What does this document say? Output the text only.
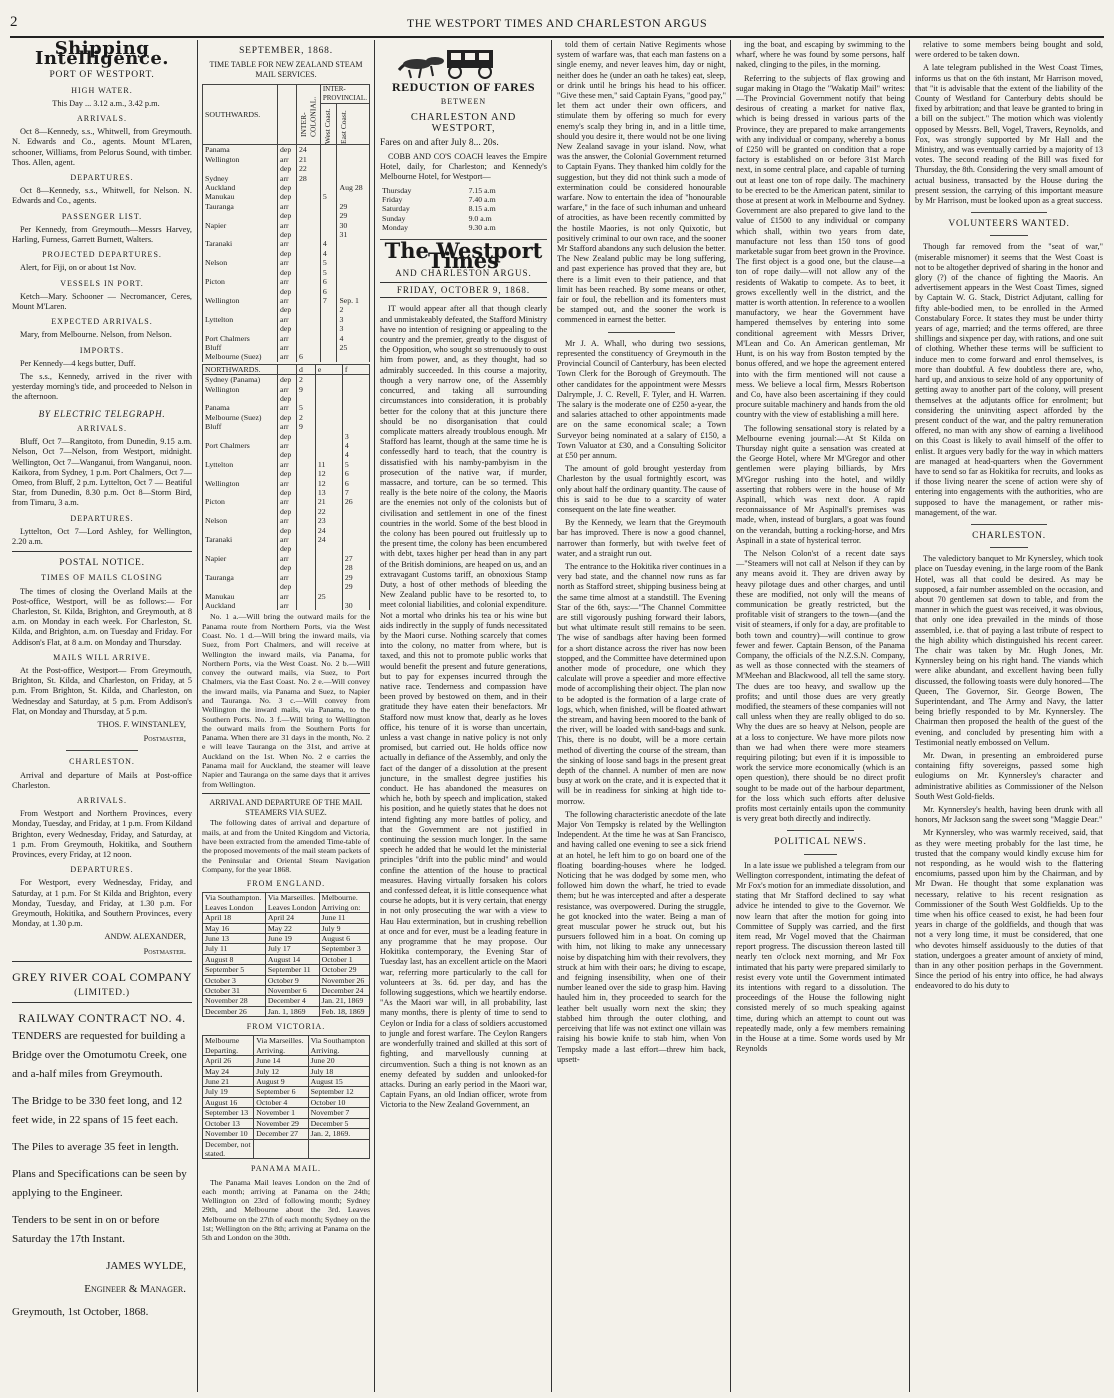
2	THE WESTPORT TIMES AND CHARLESTON ARGUS
Shipping Intelligence.
PORT OF WESTPORT.
HIGH WATER.

This Day ... 3.12 a.m., 3.42 p.m.

ARRIVALS.

Oct 8—Kennedy, s.s., Whitwell, from Greymouth. N. Edwards and Co., agents. Mount M'Laren, schooner, Williams, from Pelorus Sound, with timber. Thos. Allen, agent.

DEPARTURES.

Oct 8—Kennedy, s.s., Whitwell, for Nelson. N. Edwards and Co., agents.

PASSENGER LIST.

Per Kennedy, from Greymouth—Messrs Harvey, Harling, Furness, Garrett Burnett, Walters.

PROJECTED DEPARTURES.

Alert, for Fiji, on or about 1st Nov.

VESSELS IN PORT.

Ketch—Mary. Schooner — Necromancer, Ceres, Mount M'Laren.

EXPECTED ARRIVALS.

Mary, from Melbourne. Nelson, from Nelson.

IMPORTS.

Per Kennedy—4 kegs butter, Duff.

The s.s., Kennedy, arrived in the river with yesterday morning's tide, and proceeded to Nelson in the afternoon.

BY ELECTRIC TELEGRAPH.
ARRIVALS.

Bluff, Oct 7—Rangitoto, from Dunedin, 9.15 a.m. Nelson, Oct 7—Nelson, from Westport, midnight. Wellington, Oct 7—Wanganui, from Wanganui, noon. Kaikora, from Sydney, 1 p.m. Port Chalmers, Oct 7—Omeo, from Bluff, 2 p.m. Lyttelton, Oct 7 — Beatiful Star, from Dunedin, 8.30 p.m. Oct 8—Storm Bird, from Timaru, 3 a.m.

DEPARTURES.

Lyttelton, Oct 7—Lord Ashley, for Wellington, 2.20 a.m.

POSTAL NOTICE.
TIMES OF MAILS CLOSING

The times of closing the Overland Mails at the Post-office, Westport, will be as follows:— For Charleston, St. Kilda, Brighton, and Greymouth, at 8 a.m. on Monday in each week. For Charleston, St. Kilda, and Brighton, a.m. on Tuesday and Friday. For Addison's Flat, at 8 a.m. on Monday and Thursday.

MAILS WILL ARRIVE.

At the Post-office, Westport— From Greymouth, Brighton, St. Kilda, and Charleston, on Friday, at 5 p.m. From Brighton, St. Kilda, and Charleston, on Wednesday and Saturday, at 5 p.m. From Addison's Flat, on Monday and Thursday, at 5 p.m.

THOS. F. WINSTANLEY,
Postmaster,
CHARLESTON.

Arrival and departure of Mails at Post-office Charleston.

ARRIVALS.

From Westport and Northern Provinces, every Monday, Tuesday, and Friday, at 1 p.m. From Kildand Brighton, every Wednesday, Friday, and Saturday, at 1 p.m. From Greymouth, Hokitika, and Southern Provinces, every Friday, at 12 noon.

DEPARTURES.

For Westport, every Wednesday, Friday, and Saturday, at 1 p.m. For St Kilda and Brighton, every Monday, Tuesday, and Friday, at 1.30 p.m. For Greymouth, Hokitika, and Southern Provinces, every Monday, at 1.30 p.m.

ANDW. ALEXANDER,
Postmaster.
GREY RIVER COAL COMPANY
(LIMITED.)
RAILWAY CONTRACT NO. 4.

TENDERS are requested for building a Bridge over the Omotumotu Creek, one and a-half miles from Greymouth.

The Bridge to be 330 feet long, and 12 feet wide, in 22 spans of 15 feet each.

The Piles to average 35 feet in length.

Plans and Specifications can be seen by applying to the Engineer.

Tenders to be sent in on or before Saturday the 17th Instant.

JAMES WYLDE,
Engineer & Manager.

Greymouth, 1st October, 1868.

SEPTEMBER, 1868.
TIME TABLE FOR NEW ZEALAND STEAM MAIL SERVICES.
SOUTHWARDS.		INTER-COLONIAL.	INTER-PROVINCIAL.	

			West Coast.	East Coast.

Panama	dep	24		
Wellington	arr	21		
	dep	22		
Sydney	arr	28		
Auckland	dep			Aug 28
Manukau	dep		5	

Tauranga	arr			29
	dep			29
Napier	arr			30
	dep			31
Taranaki	arr		4	
	dep		4	
Nelson	arr		5	
	dep		5	
Picton	arr		6	
	dep		6	
Wellington	arr		7	Sep. 1
	dep			2
Lyttelton	arr			3
	dep			3
Port Chalmers	arr			4
Bluff	arr			25

Melbourne (Suez)	arr	6		
NORTHWARDS.		d	e	f
Sydney (Panama)	dep	2		
Wellington	arr	9		
	dep			
Panama	arr	5		
Melbourne (Suez)	dep	2		
Bluff	arr	9		
	dep			3
Port Chalmers	arr			4
	dep			4
Lyttelton	arr		11	5
	dep		12	6
Wellington	arr		12	6
	dep		13	7
Picton	arr		21	26
	dep		22	
Nelson	arr		23	
	dep		24	
Taranaki	arr		24	
	dep			
Napier	arr			27
	dep			28
Tauranga	arr			29
	dep			29
Manukau	arr		25	
Auckland	arr			30

No. 1 a.—Will bring the outward mails for the Panama route from Northern Ports, via the West Coast. No. 1 d.—Will bring the inward mails, via Suez, from Port Chalmers, and will receive at Wellington the inward mails, via Panama, for Northern Ports, via the West Coast. No. 2 b.—Will convey the outward mails, via Suez, to Port Chalmers, via the East Coast. No. 2 e.—Will convey the inward mails, via Panama and Suez, to Napier and Tauranga. No. 3 c.—Will convey from Wellington the inward mails, via Panama, to the Southern Ports. No. 3 f.—Will bring to Wellington the outward mails from the Southern Ports for Panama. When there are 31 days in the month, No. 2 e will leave Tauranga on the 31st, and arrive at Auckland on the 1st. When No. 2 e carries the Panama mail for Auckland, the steamer will leave Napier and Tauranga on the same days that it arrives from Wellington.

ARRIVAL AND DEPARTURE OF THE MAIL STEAMERS VIA SUEZ.

The following dates of arrival and departure of mails, at and from the United Kingdom and Victoria, have been extracted from the amended Time-table of the proposed movements of the mail steam packets of the Peninsular and Oriental Steam Navigation Company, for the year 1868.

FROM ENGLAND.
Via Southampton. Leaves London	Via Marseilles. Leaves London	Melbourne. Arriving on:
April 18	April 24	June 11
May 16	May 22	July 9
June 13	June 19	August 6
July 11	July 17	September 3
August 8	August 14	October 1
September 5	September 11	October 29
October 3	October 9	November 26
October 31	November 6	December 24
November 28	December 4	Jan. 21, 1869
December 26	Jan. 1, 1869	Feb. 18, 1869
FROM VICTORIA.
Melbourne Departing.	Via Marseilles. Arriving.	Via Southampton Arriving.
April 26	June 14	June 20
May 24	July 12	July 18
June 21	August 9	August 15
July 19	September 6	September 12
August 16	October 4	October 10
September 13	November 1	November 7
October 13	November 29	December 5
November 10	December 27	Jan. 2, 1869.
December, not stated.		
PANAMA MAIL.

The Panama Mail leaves London on the 2nd of each month; arriving at Panama on the 24th; Wellington on 23rd of following month; Sydney 29th, and Melbourne about the 3rd. Leaves Melbourne on the 27th of each month; Sydney on the 1st; Wellington on the 8th; arriving at Panama on the 5th and London on the 30th.

REDUCTION OF FARES
BETWEEN
CHARLESTON AND WESTPORT,
Fares on and after July 8... 20s.

COBB AND CO'S COACH leaves the Empire Hotel, daily, for Charleston; and Kennedy's Melbourne Hotel, for Westport—

Thursday	7.15 a.m
Friday	7.40 a.m
Saturday	8.15 a.m
Sunday	9.0 a.m
Monday	9.30 a.m
The Westport Times
AND CHARLESTON ARGUS.
FRIDAY, OCTOBER 9, 1868.

IT would appear after all that though clearly and unmistakeably defeated, the Stafford Ministry have no intention of resigning or appealing to the country and the premier, greatly to the disgust of the Opposition, who sought so strenuously to oust him from power, and, as they thought, had so admirably succeeded. In this course a majority, though a very narrow one, of the Assembly concurred, and taking all surrounding circumstances into consideration, it is probably better for the colony that at this juncture there should be no disorganisation that could complicate matters already troublous enough. Mr Stafford has learnt, though at the same time he is confessedly hard to teach, that the country is dissatisfied with his namby-pambyism in the prosecution of the native war, if murder, massacre, and torture, can be so termed. This really is the bete noire of the colony, the Maoris are the enemies not only of the colonists but of civilisation and settlement in one of the finest countries in the world. Some of the best blood in the colony has been poured out fruitlessly up to the present time, the colony has been encumbered with debt, taxes higher per head than in any part of the British dominions, are heaped on us, and an extravagant Customs tariff, an obnoxious Stamp Duty, a host of other methods of bleeding the New Zealand public have to be resorted to, to meet colonial liabilities, and colonial expenditure. Not a mortal who drinks his tea or his wine but aids indirectly in the supply of funds necessitated by the Maori curse. Nothing scarcely that comes into the colony, no matter from where, but is taxed, and this not to promote public works that would benefit the present and future generations, but to pay for expenses incurred through the native race. Tenderness and compassion have been proved by bestowed on them, and in their gratitude they have eaten their benefactors. Mr Stafford now must know that, dearly as he loves office, his tenure of it is worse than uncertain, unless a vast change in native policy is not only promised, but carried out. He holds office now actually in defiance of the Assembly, and only the fact of the danger of a dissolution at the present juncture, in the smallest degree justifies his conduct. He has abandoned the measures on which he, both by speech and implication, staked his position, and he quietly states that he does not intend fighting any more battles of policy, and that the Government are not justified in continuing the session much longer. In the same speech he added that he would let the ministerial principles "drift into the public mind" and would confine the attention of the house to practical measures. Having virtually forsaken his colors and confessed defeat, it is little consequence what course he adopts, but it is very certain, that energy in not only prosecuting the war with a view to Hau Hau extermination, but in crushing rebellion at once and for ever, must be a leading feature in any programme that he may propose. Our Hokitika contemporary, the Evening Star of Tuesday last, has an excellent article on the Maori war, referring more particularly to the call for volunteers at 3s. 6d. per day, and has the following suggestions, which we heartily endorse. "As the Maori war will, in all probability, last many months, there is plenty of time to send to Ceylon or India for a class of soldiers accustomed to jungle and forest warfare. The Ceylon Rangers are wonderfully trained and skilled at this sort of fighting, and marvellously cunning at circumvention. Such a thing is not known as an enemy defeated by sudden and unlooked-for attacks. During an early period in the Maori war, Captain Fyans, an old Indian officer, wrote from Victoria to the New Zealand Government, an

told them of certain Native Regiments whose system of warfare was, that each man fastens on a single enemy, and never leaves him, day or night, neither does he (under an oath he takes) eat, sleep, or drink until he brings his head to his officer. "Give these men," said Captain Fyans, "good pay," let them act under their own officers, and stimulate them by offering so much for every enemy's scalp they bring in, and in a little time, should you desire it, there would not be one living New Zealand savage in your island. Now, what was the answer, the Colonial Government returned to Captain Fyans. They thanked him coldly for the suggestion, but they did not think such a mode of extermination could be considered honourable warfare. Now to entertain the idea of "honourable warfare," in the face of such inhuman and unheard of atrocities, as have been recently committed by the hostile Maories, is not only Quixotic, but positively criminal to our own race, and the sooner Mr Stafford abandons any such delusion the better. The New Zealand public may be long suffering, and past experience has proved that they are, but there is a limit even to their patience, and that limit has been reached. By some means or other, fair or foul, the rebellion and its fomenters must be stamped out, and the sooner the work is commenced in earnest the better.

Mr J. A. Whall, who during two sessions, represented the constituency of Greymouth in the Provincial Council of Canterbury, has been elected Town Clerk for the Borough of Greymouth. The other candidates for the appointment were Messrs Dalrymple, J. C. Revell, F. Tyler, and H. Warren. The salary is the moderate one of £250 a-year, the and salaries attached to other appointments made are on the same economical scale; a Town Surveyor being nominated at a salary of £150, a Town Valuator at £30, and a Consulting Solicitor at £50 per annum.

The amount of gold brought yesterday from Charleston by the usual fortnightly escort, was only about half the ordinary quantity. The cause of this is said to be due to a scarcity of water consequent on the late fine weather.

By the Kennedy, we learn that the Greymouth bar has improved. There is now a good channel, narrower than formerly, but with twelve feet of water, and a straight run out.

The entrance to the Hokitika river continues in a very bad state, and the channel now runs as far north as Stafford street, shipping business being at the same time almost at a standstill. The Evening Star of the 6th, says:—"The Channel Committee are still vigorously pushing forward their labors, but what ultimate result still remains to be seen. The wise of sandbags after having been formed for a short distance across the river has now been stopped, and the Committee have determined upon another mode of procedure, one which they calculate will prove a speedier and more effective mode of accomplishing their object. The plan now to be adopted is the formation of a large crate of logs, which, when finished, will be floated athwart the stream, and having been moored to the bank of the river, will be loaded with sand-bags and sunk. This, there is no doubt, will be a more certain method of diverting the course of the stream, than the sinking of loose sand bags in the present great depth of the channel. A number of men are now busy at work on the crate, and it is expected that it will be in readiness for sinking at high tide to-morrow.

The following characteristic anecdote of the late Major Von Tempsky is related by the Wellington Independent. At the time he was at San Francisco, and having called one evening to see a sick friend at an hotel, he left him to go on board one of the floating boarding-houses where he lodged. Noticing that he was dodged by some men, who followed him down the wharf, he tried to evade them; but he was intercepted and after a desperate resistance, was overpowered. During the struggle, he got knocked into the water. Being a man of great muscular power he struck out, but his pursuers followed him in a boat. On coming up with him, not liking to make any unnecessary noise by dispatching him with their revolvers, they struck at him with their oars; he diving to escape, and feigning insensibility, when one of their number leaned over the side to grasp him. Having hauled him in, they proceeded to search for the leather belt usually worn next the skin; they stabbed him through the outer clothing, and perceiving that life was not extinct one villain was raising his bowie knife to stab him, when Von Tempsky made a last effort—threw him back, upsett-

ing the boat, and escaping by swimming to the wharf, where he was found by some persons, half naked, clinging to the piles, in the morning.

Referring to the subjects of flax growing and sugar making in Otago the "Wakatip Mail" writes:—The Provincial Government notify that being desirous of creating a market for native flax, which is being dressed in various parts of the Province, they are prepared to make arrangements with any individual or company, whereby a bonus of £250 will be granted on condition that a rope factory is established on or before 31st March next, in some central place, and capable of turning out at least one ton of rope daily. The machinery to be erected to be the American patent, similar to those at present at work in Melbourne and Sydney. Government are also prepared to give land to the value of £1500 to any individual or company which shall, within two years from date, manufacture not less than 150 tons of good marketable sugar from beet grown in the Province. The first object is a good one, but the clause—a ton of rope daily—will not allow any of the residents of Wakatip to compete. As to beet, it grows excellently well in the district, and the matter is worth attention. In reference to a woollen manufactory, we hear the Government have hampered themselves by entering into some conditional agreement with Messrs Driver, M'Lean and Co. An American gentleman, Mr Hunt, is on his way from Boston tempted by the bonus offered, and we hope the agreement entered into with the firm mentioned will not cause a mess. We believe a local firm, Messrs Robertson and Co, have also been ascertaining if they could procure suitable machinery and hands from the old country with the view of establishing a mill here.

The following sensational story is related by a Melbourne evening journal:—At St Kilda on Thursday night quite a sensation was created at the George Hotel, where Mr M'Gregor and other gentlemen were playing billiards, by Mrs M'Gregor rushing into the hotel, and wildly asserting that robbers were in the house of Mr Aspinall, which was next door. A rapid reconnaissance of Mr Aspinall's premises was made, when, instead of burglars, a goat was found on the verandah, butting a rocking-horse, and Mrs Aspinall in a state of hysterical terror.

The Nelson Colon'st of a recent date says—"Steamers will not call at Nelson if they can by any means avoid it. They are driven away by heavy pilotage dues and other charges, and until these are modified, not only will the means of communication be greatly restricted, but the profitable visit of strangers to the town—(and the visit of steamers, if only for a day, are profitable to both town and country)—will continue to grow fewer and fewer. Captain Benson, of the Panama Company, the officials of the N.Z.S.N. Company, as well as those connected with the steamers of M'Meehan and Blackwood, all tell the same story. The dues are too heavy, and swallow up the profits; and until those dues are very greatly modified, the steamers of these companies will not call unless when they are really obliged to do so. Why the dues are so heavy at Nelson, people are at a loss to conjecture. We have more pilots now than we had when there were more steamers requiring piloting; but even if it is impossible to work the service more economically (which is an open question), there should be no direct profit sought to be made out of the harbour department, for the loss which such efforts after delusive profits most certainly entails upon the community is very great both directly and indirectly.

POLITICAL NEWS.

In a late issue we published a telegram from our Wellington correspondent, intimating the defeat of Mr Fox's motion for an immediate dissolution, and stating that Mr Stafford declined to say what advice he intended to give to the Governor. We now learn that after the motion for going into Committee of Supply was carried, and the first item read, Mr Vogel moved that the Chairman report progress. The discussion thereon lasted till nearly ten o'clock next morning, and Mr Fox intimated that his party were prepared similarly to resist every vote until the Government intimated its intentions with regard to a dissolution. The proceedings of the House the following night consisted merely of so much speaking against time, during which an attempt to count out was repeatedly made, only a few members remaining in the House at a time. Some words used by Mr Reynolds

relative to some members being bought and sold, were ordered to be taken down.

A late telegram published in the West Coast Times, informs us that on the 6th instant, Mr Harrison moved, that "it is advisable that the extent of the liability of the County of Westland for Canterbury debts should be fixed by arbitration; and that leave be granted to bring in a bill on the subject." The motion which was violently opposed by Messrs. Bell, Vogel, Travers, Reynolds, and Fox, was strongly supported by Mr Hall and the Ministry, and was eventually carried by a majority of 13 votes. The second reading of the Bill was fixed for Thursday, the 8th. Considering the very small amount of actual business, transacted by the House during the present session, the carrying of this important measure by Mr Harrison, must be looked upon as a great success.

VOLUNTEERS WANTED.

Though far removed from the "seat of war," (miserable misnomer) it seems that the West Coast is not to be altogether deprived of sharing in the honor and glory (?) of the chance of fighting the Maoris. An advertisement appears in the West Coast Times, signed by Captain W. G. Stack, District Adjutant, calling for fifty able-bodied men, to be enrolled in the Armed Constabulary Force. It states they must be under thirty years of age, married; and the terms offered, are three shillings and sixpence per day, with rations, and one suit of clothing. Whether these terms will be sufficient to induce men to come forward and enrol themselves, is more than doubtful. A few doubtless there are, who, hard up, and anxious to seize hold of any opportunity of getting away to another part of the colony, will present themselves at the adjutants office for enrolment; but considering the uninviting aspect afforded by the present conduct of the war, and the paltry remuneration offered, no man with any show of earning a livelihood on this Coast is likely to avail himself of the offer to enlist. It argues very badly for the way in which matters are managed at head-quarters when the Government have to send so far as Hokitika for recruits, and looks as if those living nearer the scene of action were shy of entering into engagements with the authorities, who are supposed to have the management, or rather mis-management, of the war.

CHARLESTON.

The valedictory banquet to Mr Kynersley, which took place on Tuesday evening, in the large room of the Bank Hotel, was all that could be desired. As may be supposed, a fair number assembled on the occasion, and about 70 gentlemen sat down to table, and from the manner in which the guest was received, it was obvious, that only one idea prevailed in the minds of those assembled, i.e. that of paying a last tribute of respect to the high ability which distinguished his recent career. The chair was taken by Mr. Hugh Jones, Mr. Kynnersley being on his right hand. The viands which were alike abundant, and excellent having been fully discussed, the following toasts were duly honored—The Queen, The Governor, Sir. George Bowen, The Superintendant, and The Army and Navy, the latter being briefly responded to by Mr. Kynnersley. The Chairman then proposed the health of the guest of the evening, and concluded by presenting him with a Testimonial neatly embossed on Vellum.

Mr. Dwan, in presenting an embroidered purse containing fifty sovereigns, passed some high eulogiums on Mr. Kynnersley's character and administrative abilities as Commissioner of the Nelson South West Gold-fields.

Mr. Kynnersley's health, having been drunk with all honors, Mr Jackson sang the sweet song "Maggie Dear."

Mr Kynnersley, who was warmly received, said, that as they were meeting probably for the last time, he trusted that the company would kindly excuse him for not responding, as he would wish to the flattering encomiums, passed upon him by the Chairman, and by Mr Dwan. He thought that some explanation was necessary, relative to his recent resignation as Commissioner of the South West Goldfields. Up to the time when his office ceased to exist, he had been four years in charge of the goldfields, and though that was not a very long time, it must be considered, that one who devotes himself assiduously to the duties of that station, undergoes a greater amount of anxiety of mind, than in any other position perhaps in the Government. Since the period of his entry into office, he had always endeavored to do his duty to
